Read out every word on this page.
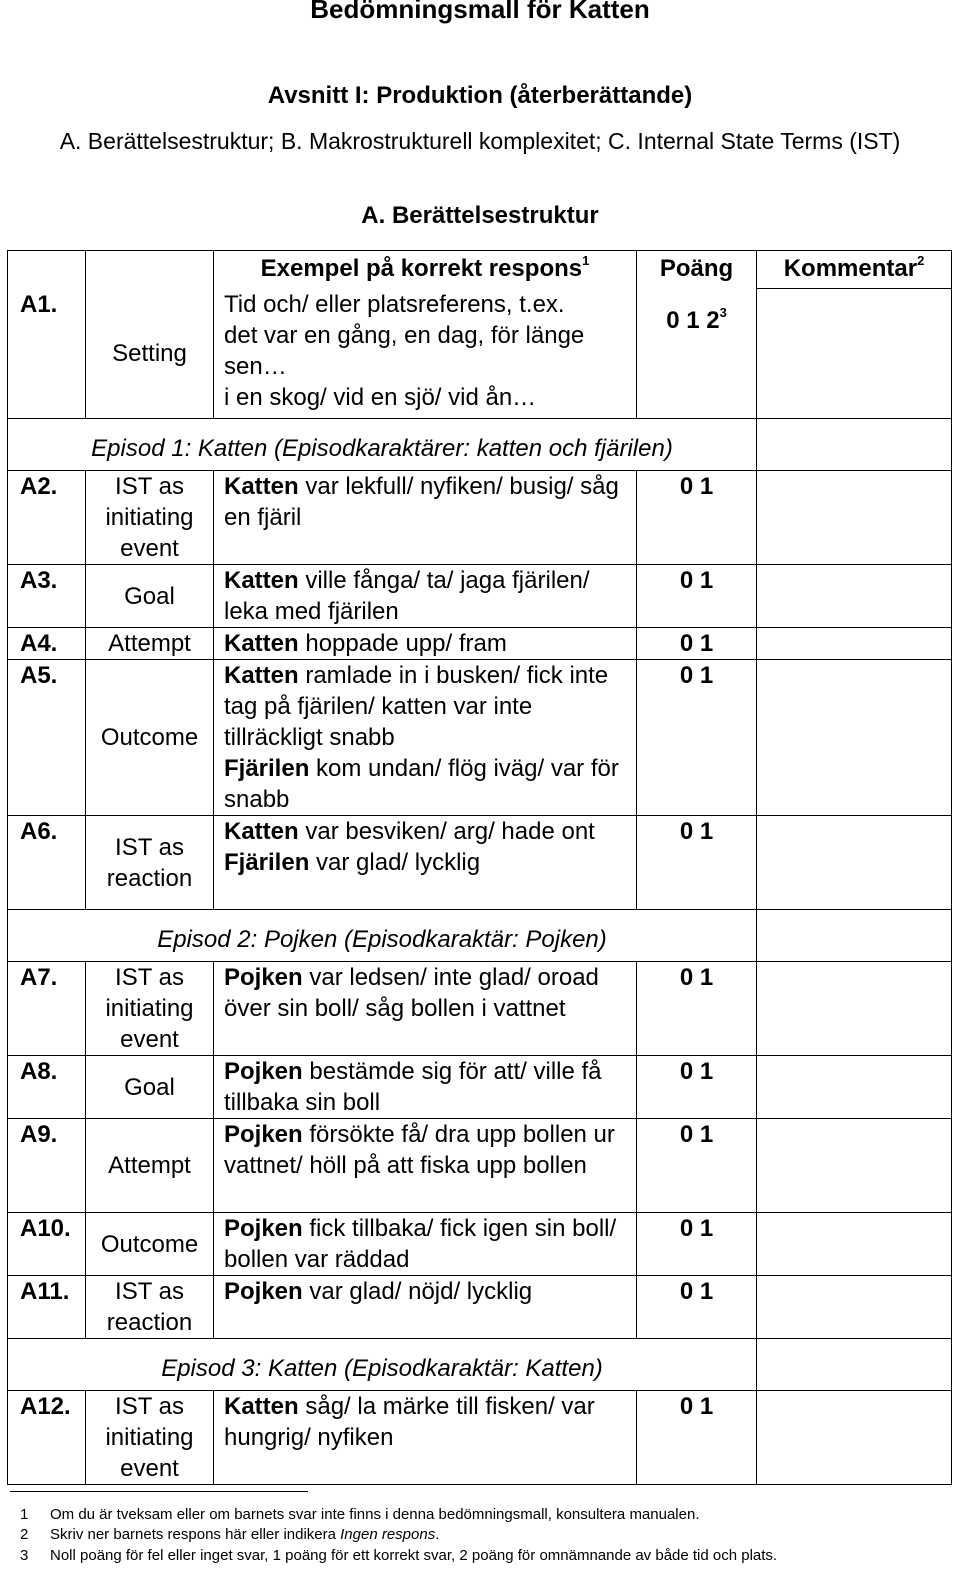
Bedömningsmall för Katten
Avsnitt I: Produktion (återberättande)
A. Berättelsestruktur; B. Makrostrukturell komplexitet; C. Internal State Terms (IST)
A. Berättelsestruktur
		Exempel på korrekt respons$^1$	Poäng	Kommentar$^2$
A1.	Setting	Tid och/ eller platsreferens, t.ex.
det var en gång, en dag, för länge sen…
i en skog/ vid en sjö/ vid ån…	0 1 $2^3$	
Episod 1: Katten (Episodkaraktärer: katten och fjärilen)				
A2.	IST as initiating event	Katten var lekfull/ nyfiken/ busig/ såg en fjäril	0 1	
A3.	Goal	Katten ville fånga/ ta/ jaga fjärilen/ leka med fjärilen	0 1	
A4.	Attempt	Katten hoppade upp/ fram	0 1	
A5.	Outcome	Katten ramlade in i busken/ fick inte tag på fjärilen/ katten var inte tillräckligt snabb
Fjärilen kom undan/ flög iväg/ var för snabb	0 1	
A6.	IST as reaction	Katten var besviken/ arg/ hade ont
Fjärilen var glad/ lycklig	0 1	
Episod 2: Pojken (Episodkaraktär: Pojken)				
A7.	IST as initiating event	Pojken var ledsen/ inte glad/ oroad över sin boll/ såg bollen i vattnet	0 1	
A8.	Goal	Pojken bestämde sig för att/ ville få tillbaka sin boll	0 1	
A9.	Attempt	Pojken försökte få/ dra upp bollen ur vattnet/ höll på att fiska upp bollen	0 1	
A10.	Outcome	Pojken fick tillbaka/ fick igen sin boll/ bollen var räddad	0 1	
A11.	IST as reaction	Pojken var glad/ nöjd/ lycklig	0 1	
Episod 3: Katten (Episodkaraktär: Katten)				
A12.	IST as initiating event	Katten såg/ la märke till fisken/ var hungrig/ nyfiken	0 1	
1 Om du är tveksam eller om barnets svar inte finns i denna bedömningsmall, konsultera manualen.
2 Skriv ner barnets respons här eller indikera Ingen respons.
3 Noll poäng för fel eller inget svar, 1 poäng för ett korrekt svar, 2 poäng för omnämnande av både tid och plats.
